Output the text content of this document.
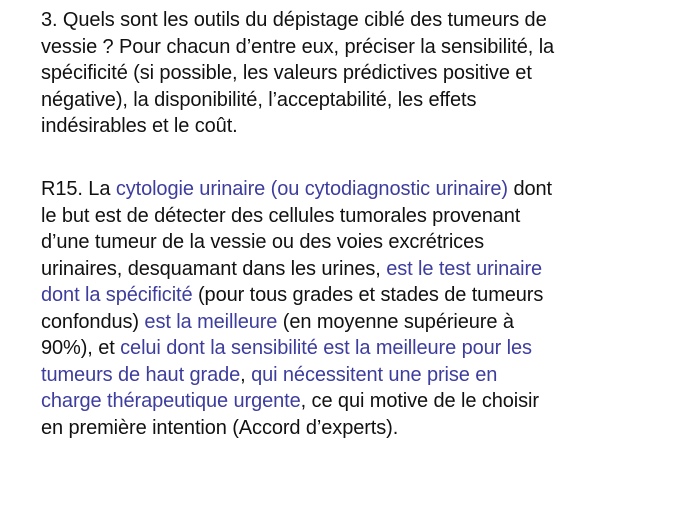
3. Quels sont les outils du dépistage ciblé des tumeurs de
vessie ? Pour chacun d’entre eux, préciser la sensibilité, la
spécificité (si possible, les valeurs prédictives positive et
négative), la disponibilité, l’acceptabilité, les effets
indésirables et le coût.
R15. La cytologie urinaire (ou cytodiagnostic urinaire) dont
le but est de détecter des cellules tumorales provenant
d’une tumeur de la vessie ou des voies excrétrices
urinaires, desquamant dans les urines, est le test urinaire
dont la spécificité (pour tous grades et stades de tumeurs
confondus) est la meilleure (en moyenne supérieure à
90%), et celui dont la sensibilité est la meilleure pour les
tumeurs de haut grade, qui nécessitent une prise en
charge thérapeutique urgente, ce qui motive de le choisir
en première intention (Accord d’experts).
